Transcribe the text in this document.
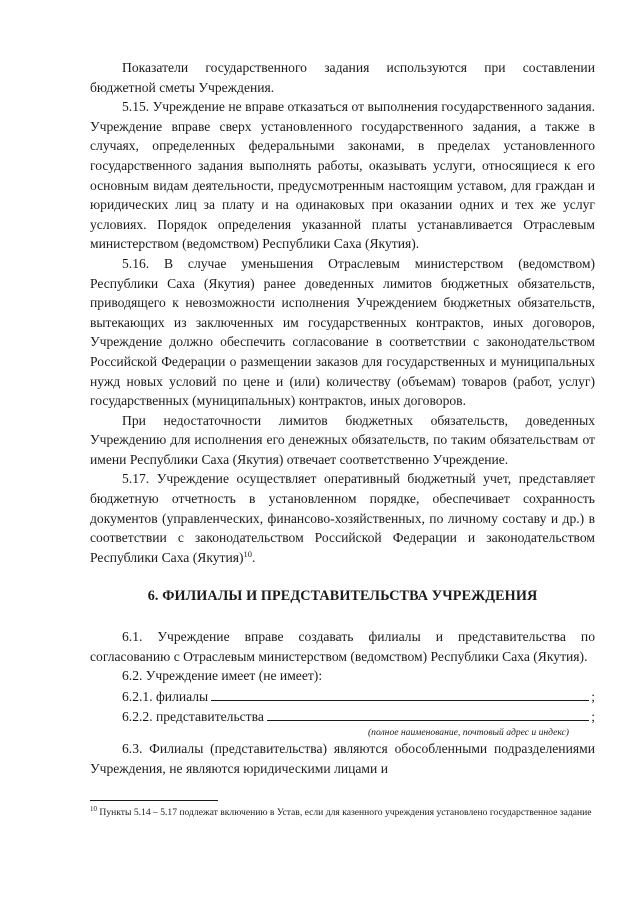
Показатели государственного задания используются при составлении бюджетной сметы Учреждения.

5.15. Учреждение не вправе отказаться от выполнения государственного задания. Учреждение вправе сверх установленного государственного задания, а также в случаях, определенных федеральными законами, в пределах установленного государственного задания выполнять работы, оказывать услуги, относящиеся к его основным видам деятельности, предусмотренным настоящим уставом, для граждан и юридических лиц за плату и на одинаковых при оказании одних и тех же услуг условиях. Порядок определения указанной платы устанавливается Отраслевым министерством (ведомством) Республики Саха (Якутия).

5.16. В случае уменьшения Отраслевым министерством (ведомством) Республики Саха (Якутия) ранее доведенных лимитов бюджетных обязательств, приводящего к невозможности исполнения Учреждением бюджетных обязательств, вытекающих из заключенных им государственных контрактов, иных договоров, Учреждение должно обеспечить согласование в соответствии с законодательством Российской Федерации о размещении заказов для государственных и муниципальных нужд новых условий по цене и (или) количеству (объемам) товаров (работ, услуг) государственных (муниципальных) контрактов, иных договоров.

При недостаточности лимитов бюджетных обязательств, доведенных Учреждению для исполнения его денежных обязательств, по таким обязательствам от имени Республики Саха (Якутия) отвечает соответственно Учреждение.

5.17. Учреждение осуществляет оперативный бюджетный учет, представляет бюджетную отчетность в установленном порядке, обеспечивает сохранность документов (управленческих, финансово-хозяйственных, по личному составу и др.) в соответствии с законодательством Российской Федерации и законодательством Республики Саха (Якутия)$^{10}$.

6. ФИЛИАЛЫ И ПРЕДСТАВИТЕЛЬСТВА УЧРЕЖДЕНИЯ

6.1. Учреждение вправе создавать филиалы и представительства по согласованию с Отраслевым министерством (ведомством) Республики Саха (Якутия).

6.2. Учреждение имеет (не имеет):

6.2.1. филиалы	;
6.2.2. представительства	;
(полное наименование, почтовый адрес и индекс)

6.3. Филиалы (представительства) являются обособленными подразделениями Учреждения, не являются юридическими лицами и

$^{10}$ Пункты 5.14 – 5.17 подлежат включению в Устав, если для казенного учреждения установлено государственное задание
